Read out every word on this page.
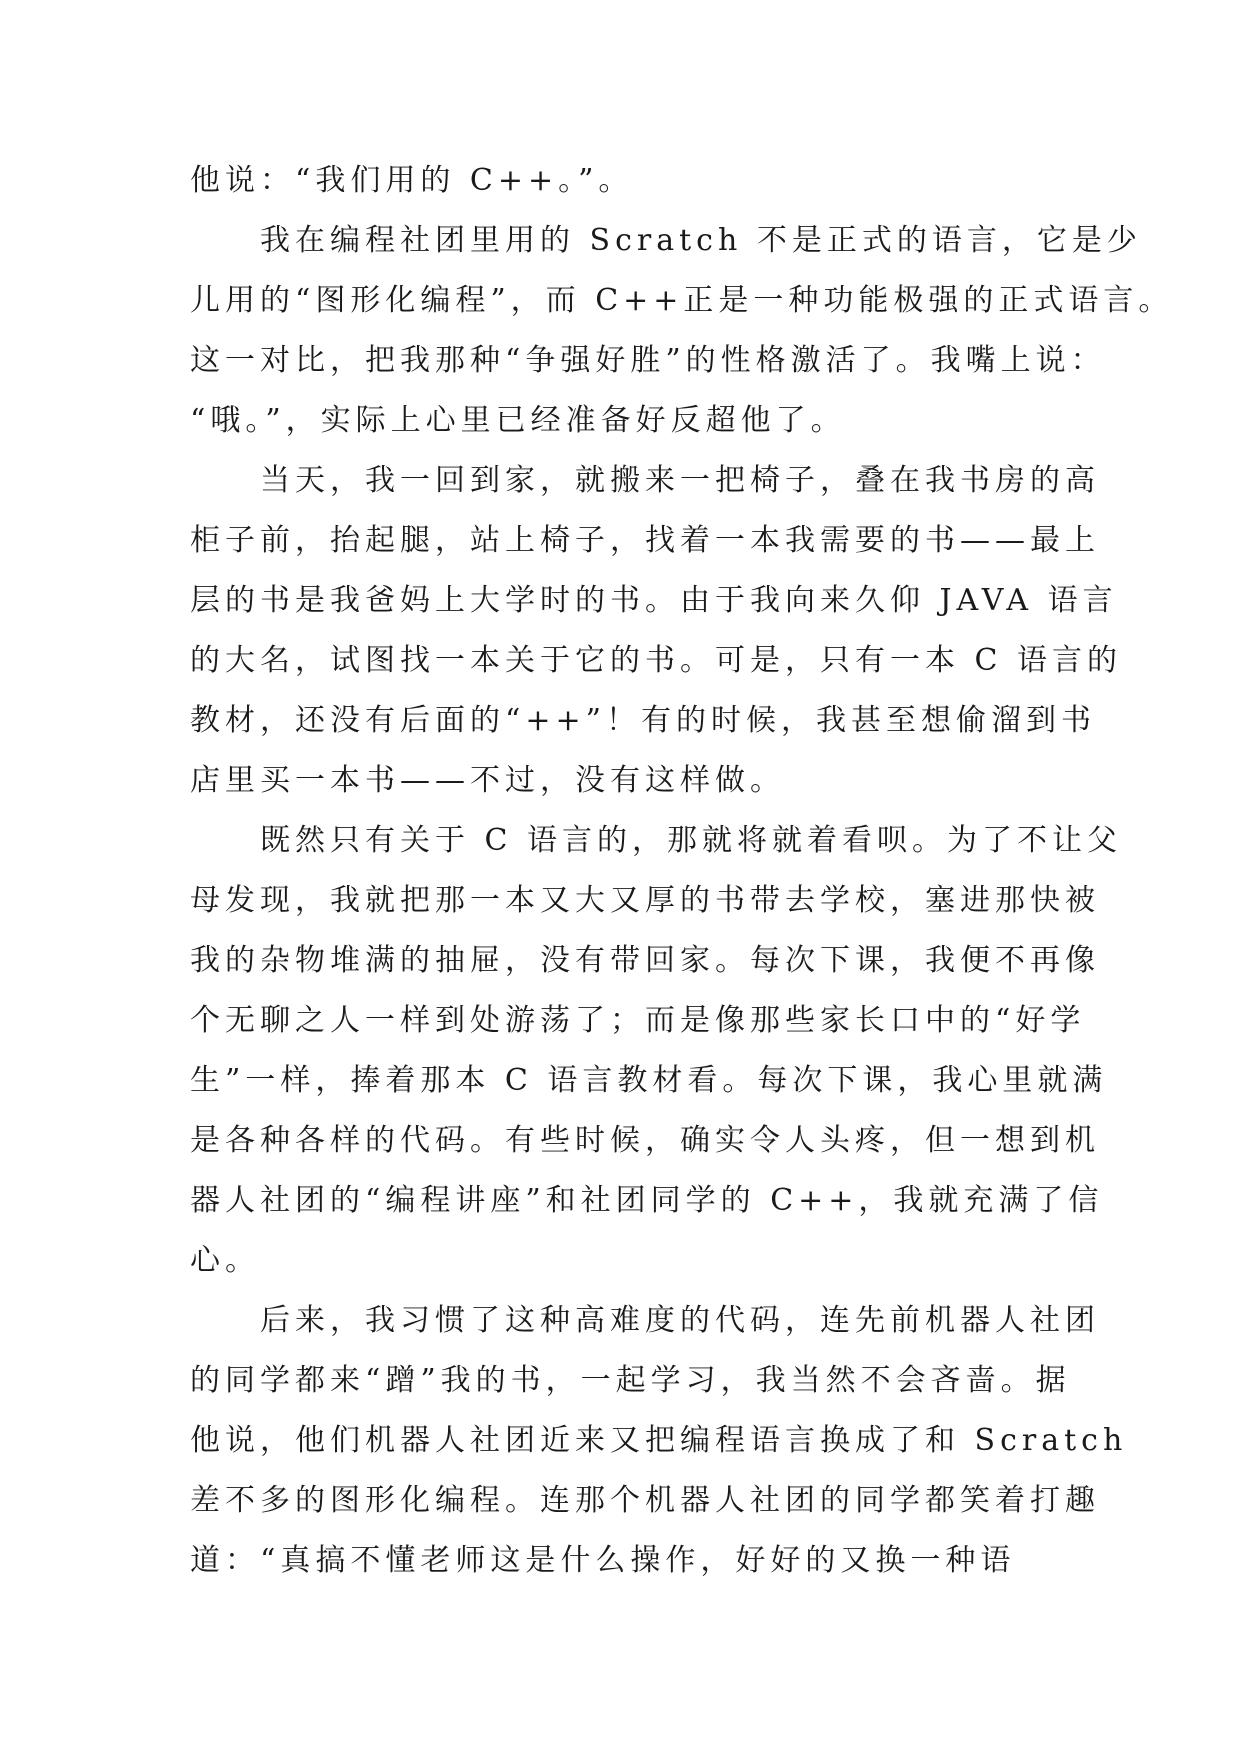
他说：“我们用的 C++。”。
我在编程社团里用的 Scratch 不是正式的语言，它是少
儿用的“图形化编程”，而 C++正是一种功能极强的正式语言。
这一对比，把我那种“争强好胜”的性格激活了。我嘴上说：
“哦。”，实际上心里已经准备好反超他了。
当天，我一回到家，就搬来一把椅子，叠在我书房的高
柜子前，抬起腿，站上椅子，找着一本我需要的书——最上
层的书是我爸妈上大学时的书。由于我向来久仰 JAVA 语言
的大名，试图找一本关于它的书。可是，只有一本 C 语言的
教材，还没有后面的“++”！有的时候，我甚至想偷溜到书
店里买一本书——不过，没有这样做。
既然只有关于 C 语言的，那就将就着看呗。为了不让父
母发现，我就把那一本又大又厚的书带去学校，塞进那快被
我的杂物堆满的抽屉，没有带回家。每次下课，我便不再像
个无聊之人一样到处游荡了；而是像那些家长口中的“好学
生”一样，捧着那本 C 语言教材看。每次下课，我心里就满
是各种各样的代码。有些时候，确实令人头疼，但一想到机
器人社团的“编程讲座”和社团同学的 C++，我就充满了信
心。
后来，我习惯了这种高难度的代码，连先前机器人社团
的同学都来“蹭”我的书，一起学习，我当然不会吝啬。据
他说，他们机器人社团近来又把编程语言换成了和 Scratch
差不多的图形化编程。连那个机器人社团的同学都笑着打趣
道：“真搞不懂老师这是什么操作，好好的又换一种语
